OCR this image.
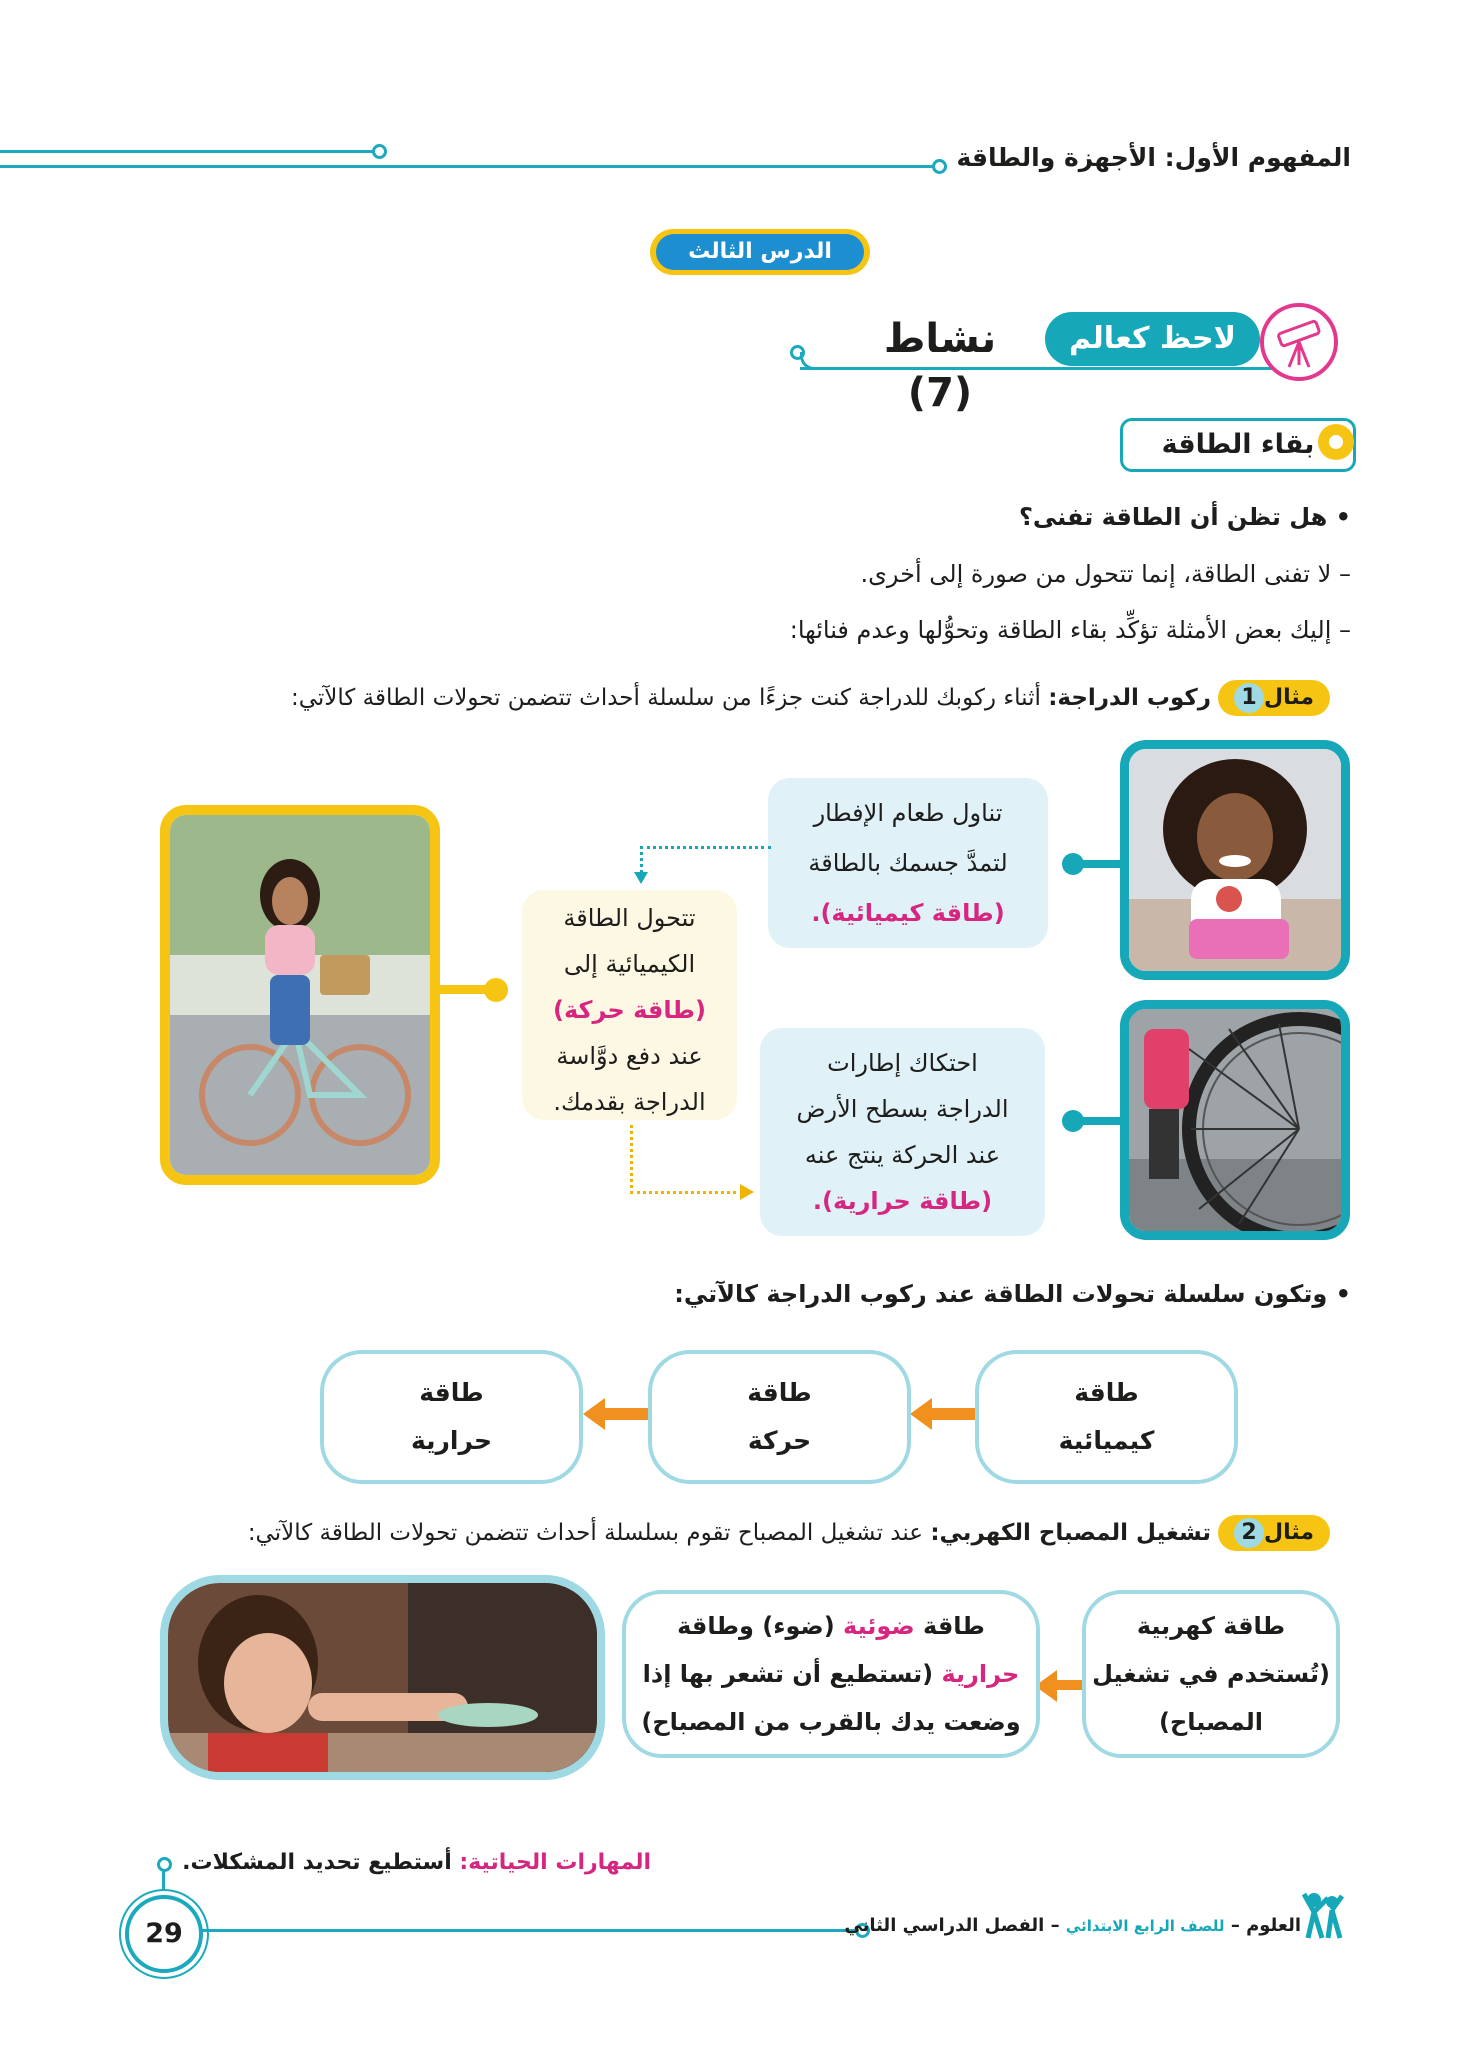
المفهوم الأول: الأجهزة والطاقة
الدرس الثالث
لاحظ كعالم
نشاط (7)
بقاء الطاقة
• هل تظن أن الطاقة تفنى؟
– لا تفنى الطاقة، إنما تتحول من صورة إلى أخرى.
– إليك بعض الأمثلة تؤكِّد بقاء الطاقة وتحوُّلها وعدم فنائها:
مثال1
ركوب الدراجة: أثناء ركوبك للدراجة كنت جزءًا من سلسلة أحداث تتضمن تحولات الطاقة كالآتي:
تناول طعام الإفطار
لتمدَّ جسمك بالطاقة
(طاقة كيميائية).
تتحول الطاقة
الكيميائية إلى
(طاقة حركة)
عند دفع دوَّاسة
الدراجة بقدمك.
احتكاك إطارات
الدراجة بسطح الأرض
عند الحركة ينتج عنه
(طاقة حرارية).
• وتكون سلسلة تحولات الطاقة عند ركوب الدراجة كالآتي:
طاقة
كيميائية
طاقة
حركة
طاقة
حرارية
مثال2
تشغيل المصباح الكهربي: عند تشغيل المصباح تقوم بسلسلة أحداث تتضمن تحولات الطاقة كالآتي:
طاقة كهربية
(تُستخدم في تشغيل
المصباح)
طاقة ضوئية (ضوء) وطاقة
حرارية (تستطيع أن تشعر بها إذا
وضعت يدك بالقرب من المصباح)
المهارات الحياتية: أستطيع تحديد المشكلات.
29	العلوم – للصف الرابع الابتدائي – الفصل الدراسي الثاني
